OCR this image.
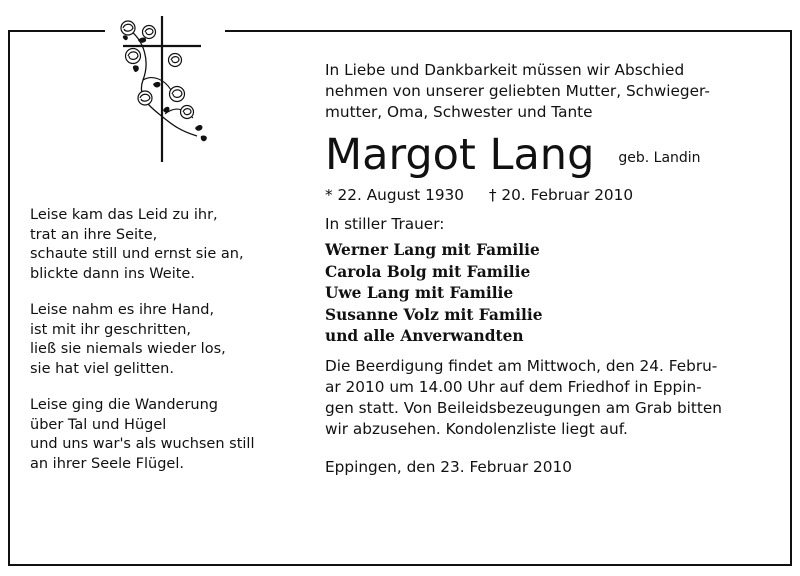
Leise kam das Leid zu ihr,
trat an ihre Seite,
schaute still und ernst sie an,
blickte dann ins Weite.
Leise nahm es ihre Hand,
ist mit ihr geschritten,
ließ sie niemals wieder los,
sie hat viel gelitten.
Leise ging die Wanderung
über Tal und Hügel
und uns war's als wuchsen still
an ihrer Seele Flügel.
In Liebe und Dankbarkeit müssen wir Abschied
nehmen von unserer geliebten Mutter, Schwieger-
mutter, Oma, Schwester und Tante
Margot Lang geb. Landin
* 22. August 1930 † 20. Februar 2010
In stiller Trauer:
Werner Lang mit Familie
Carola Bolg mit Familie
Uwe Lang mit Familie
Susanne Volz mit Familie
und alle Anverwandten
Die Beerdigung findet am Mittwoch, den 24. Febru-
ar 2010 um 14.00 Uhr auf dem Friedhof in Eppin-
gen statt. Von Beileidsbezeugungen am Grab bitten
wir abzusehen. Kondolenzliste liegt auf.
Eppingen, den 23. Februar 2010
